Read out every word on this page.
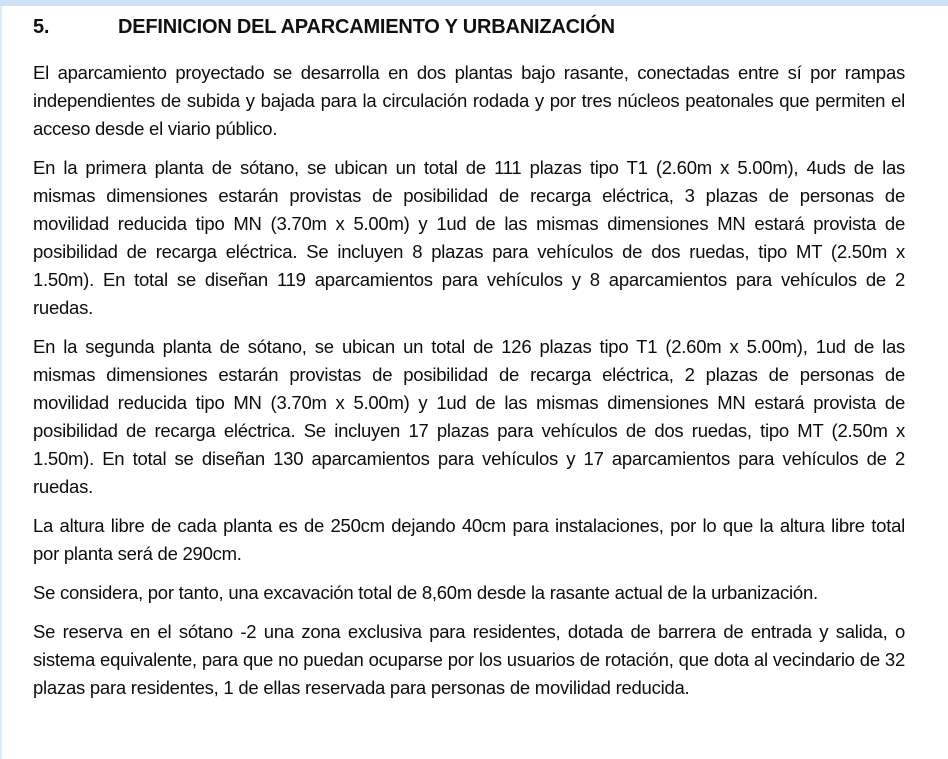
5.	DEFINICION DEL APARCAMIENTO Y URBANIZACIÓN

El aparcamiento proyectado se desarrolla en dos plantas bajo rasante, conectadas entre sí por rampas independientes de subida y bajada para la circulación rodada y por tres núcleos peatonales que permiten el acceso desde el viario público.

En la primera planta de sótano, se ubican un total de 111 plazas tipo T1 (2.60m x 5.00m), 4uds de las mismas dimensiones estarán provistas de posibilidad de recarga eléctrica, 3 plazas de personas de movilidad reducida tipo MN (3.70m x 5.00m) y 1ud de las mismas dimensiones MN estará provista de posibilidad de recarga eléctrica. Se incluyen 8 plazas para vehículos de dos ruedas, tipo MT (2.50m x 1.50m). En total se diseñan 119 aparcamientos para vehículos y 8 aparcamientos para vehículos de 2 ruedas.

En la segunda planta de sótano, se ubican un total de 126 plazas tipo T1 (2.60m x 5.00m), 1ud de las mismas dimensiones estarán provistas de posibilidad de recarga eléctrica, 2 plazas de personas de movilidad reducida tipo MN (3.70m x 5.00m) y 1ud de las mismas dimensiones MN estará provista de posibilidad de recarga eléctrica. Se incluyen 17 plazas para vehículos de dos ruedas, tipo MT (2.50m x 1.50m). En total se diseñan 130 aparcamientos para vehículos y 17 aparcamientos para vehículos de 2 ruedas.

La altura libre de cada planta es de 250cm dejando 40cm para instalaciones, por lo que la altura libre total por planta será de 290cm.

Se considera, por tanto, una excavación total de 8,60m desde la rasante actual de la urbanización.

Se reserva en el sótano -2 una zona exclusiva para residentes, dotada de barrera de entrada y salida, o sistema equivalente, para que no puedan ocuparse por los usuarios de rotación, que dota al vecindario de 32 plazas para residentes, 1 de ellas reservada para personas de movilidad reducida.
